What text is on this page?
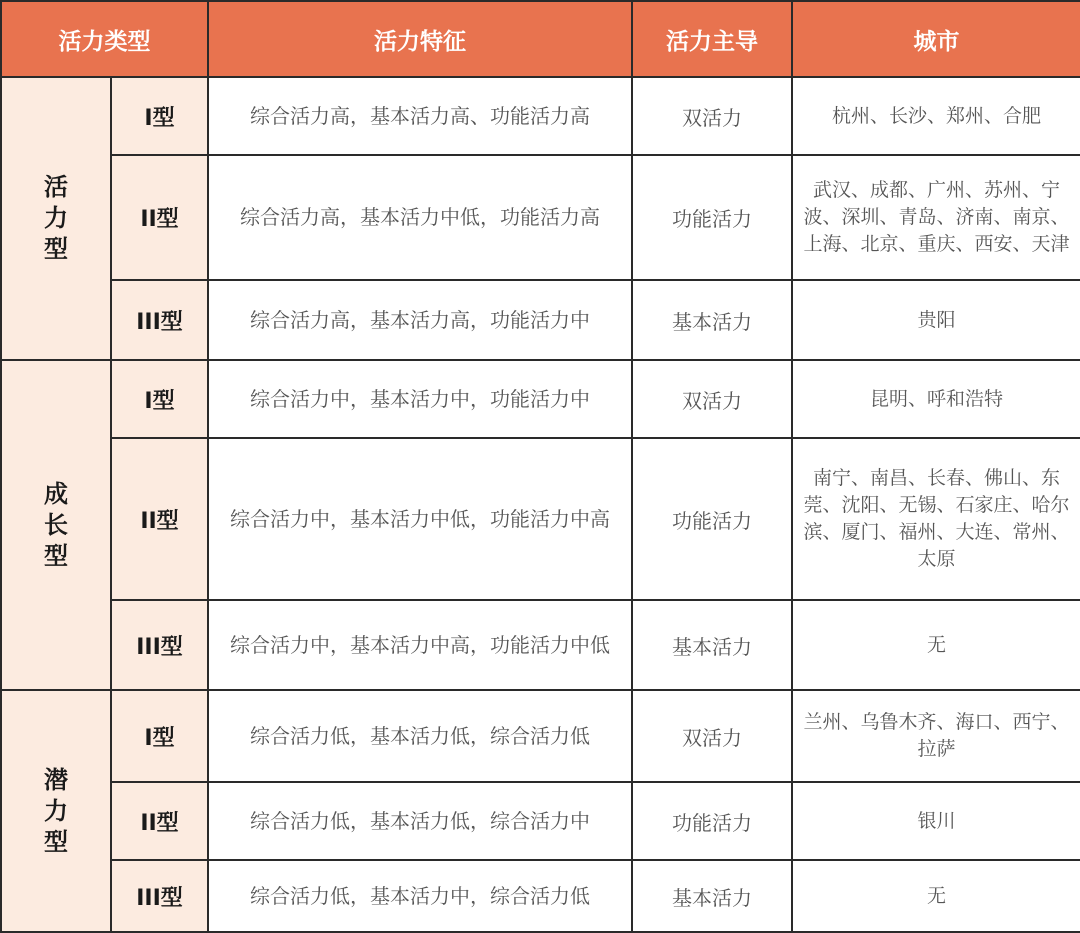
活力类型		活力特征	活力主导	城市
活力型	I型	综合活力高，基本活力高、功能活力高	双活力	杭州、长沙、郑州、合肥
	II型	综合活力高，基本活力中低，功能活力高	功能活力	武汉、成都、广州、苏州、宁波、深圳、青岛、济南、南京、上海、北京、重庆、西安、天津
	III型	综合活力高，基本活力高，功能活力中	基本活力	贵阳
成长型	I型	综合活力中，基本活力中，功能活力中	双活力	昆明、呼和浩特
	II型	综合活力中，基本活力中低，功能活力中高	功能活力	南宁、南昌、长春、佛山、东莞、沈阳、无锡、石家庄、哈尔滨、厦门、福州、大连、常州、太原
	III型	综合活力中，基本活力中高，功能活力中低	基本活力	无
潜力型	I型	综合活力低，基本活力低，综合活力低	双活力	兰州、乌鲁木齐、海口、西宁、拉萨
	II型	综合活力低，基本活力低，综合活力中	功能活力	银川
	III型	综合活力低，基本活力中，综合活力低	基本活力	无
